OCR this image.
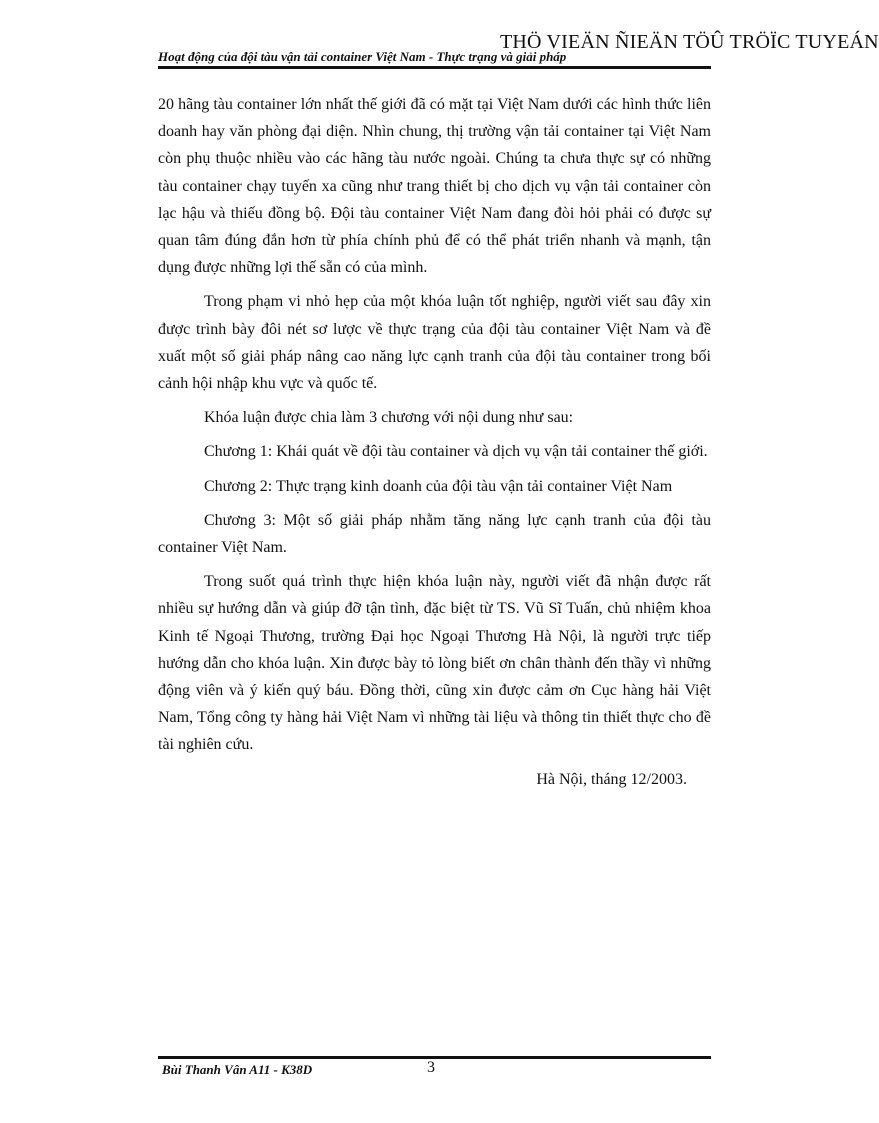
THÖ VIEÄN ÑIEÄN TÖÛ TRÖÏC TUYEÁN
Hoạt động của đội tàu vận tải container Việt Nam - Thực trạng và giải pháp

20 hãng tàu container lớn nhất thế giới đã có mặt tại Việt Nam dưới các hình thức liên doanh hay văn phòng đại diện. Nhìn chung, thị trường vận tải container tại Việt Nam còn phụ thuộc nhiều vào các hãng tàu nước ngoài. Chúng ta chưa thực sự có những tàu container chạy tuyến xa cũng như trang thiết bị cho dịch vụ vận tải container còn lạc hậu và thiếu đồng bộ. Đội tàu container Việt Nam đang đòi hỏi phải có được sự quan tâm đúng đắn hơn từ phía chính phủ để có thể phát triển nhanh và mạnh, tận dụng được những lợi thế sẵn có của mình.

Trong phạm vi nhỏ hẹp của một khóa luận tốt nghiệp, người viết sau đây xin được trình bày đôi nét sơ lược về thực trạng của đội tàu container Việt Nam và đề xuất một số giải pháp nâng cao năng lực cạnh tranh của đội tàu container trong bối cảnh hội nhập khu vực và quốc tế.

Khóa luận được chia làm 3 chương với nội dung như sau:

Chương 1: Khái quát về đội tàu container và dịch vụ vận tải container thế giới.

Chương 2: Thực trạng kinh doanh của đội tàu vận tải container Việt Nam

Chương 3: Một số giải pháp nhằm tăng năng lực cạnh tranh của đội tàu container Việt Nam.

Trong suốt quá trình thực hiện khóa luận này, người viết đã nhận được rất nhiều sự hướng dẫn và giúp đỡ tận tình, đặc biệt từ TS. Vũ Sĩ Tuấn, chủ nhiệm khoa Kinh tế Ngoại Thương, trường Đại học Ngoại Thương Hà Nội, là người trực tiếp hướng dẫn cho khóa luận. Xin được bày tỏ lòng biết ơn chân thành đến thầy vì những động viên và ý kiến quý báu. Đồng thời, cũng xin được cảm ơn Cục hàng hải Việt Nam, Tổng công ty hàng hải Việt Nam vì những tài liệu và thông tin thiết thực cho đề tài nghiên cứu.

Hà Nội, tháng 12/2003.

Bùi Thanh Vân A11 - K38D	3
